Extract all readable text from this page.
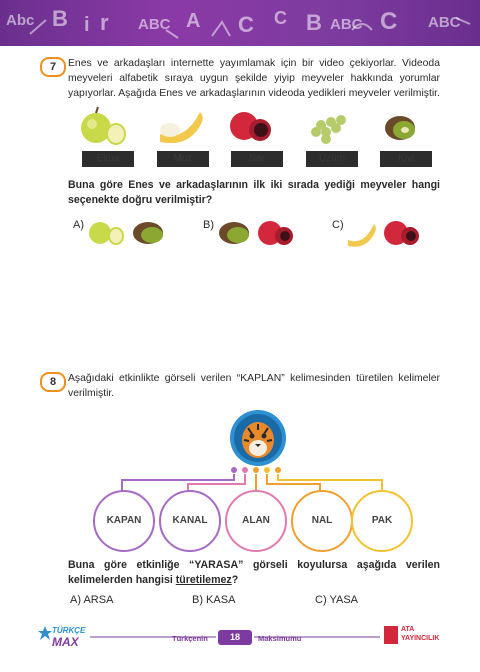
Abc B i r ABC A C C B ABC C ABC
7	Enes ve arkadaşları internette yayımlamak için bir video çekiyorlar. Videoda meyveleri alfabetik sıraya uygun şekilde yiyip meyveler hakkında yorumlar yapıyorlar. Aşağıda Enes ve arkadaşlarının videoda yedikleri meyveler verilmiştir.
Elma	Muz	Nar	Üzüm	Kivi
Buna göre Enes ve arkadaşlarının ilk iki sırada yediği meyveler hangi seçenekte doğru verilmiştir?
A)	B)	C)
8	Aşağıdaki etkinlikte görseli verilen “KAPLAN” kelimesinden türetilen kelimeler verilmiştir.
KAPAN	KANAL	ALAN	NAL	PAK
Buna göre etkinliğe “YARASA” görseli koyulursa aşağıda verilen kelimelerden hangisi türetilemez?
A) ARSA	B) KASA	C) YASA
TÜRKÇE
MAX	Türkçenin	18	Maksimumu
ATA
YAYINCILIK
